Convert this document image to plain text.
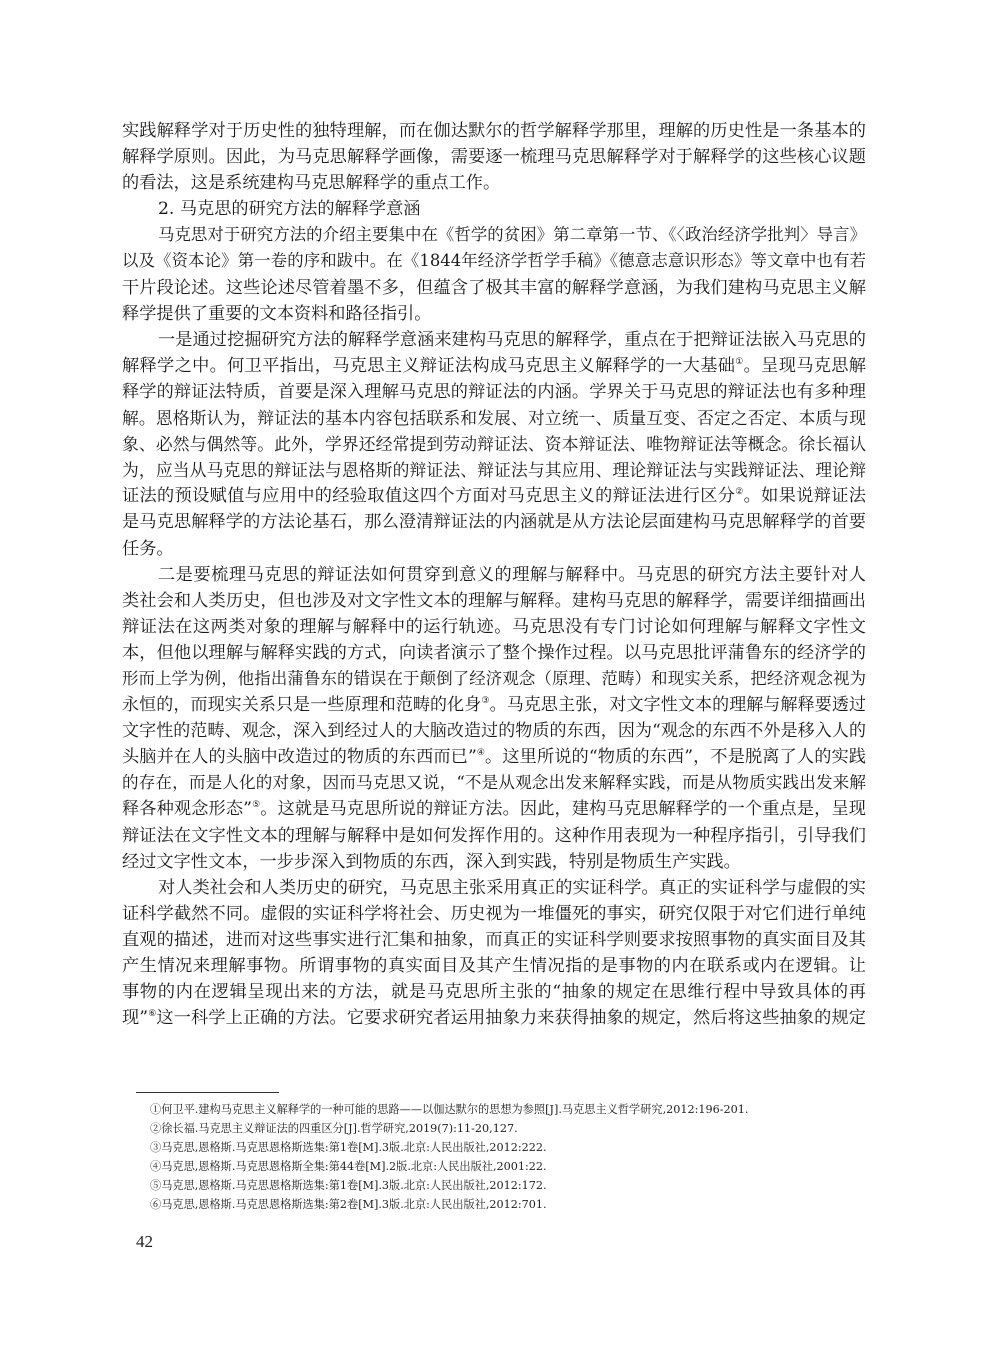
实践解释学对于历史性的独特理解，而在伽达默尔的哲学解释学那里，理解的历史性是一条基本的
解释学原则。因此，为马克思解释学画像，需要逐一梳理马克思解释学对于解释学的这些核心议题
的看法，这是系统建构马克思解释学的重点工作。
2. 马克思的研究方法的解释学意涵
马克思对于研究方法的介绍主要集中在《哲学的贫困》第二章第一节、《〈政治经济学批判〉导言》
以及《资本论》第一卷的序和跋中。在《1844年经济学哲学手稿》《德意志意识形态》等文章中也有若
干片段论述。这些论述尽管着墨不多，但蕴含了极其丰富的解释学意涵，为我们建构马克思主义解
释学提供了重要的文本资料和路径指引。
一是通过挖掘研究方法的解释学意涵来建构马克思的解释学，重点在于把辩证法嵌入马克思的
解释学之中。何卫平指出，马克思主义辩证法构成马克思主义解释学的一大基础①。呈现马克思解
释学的辩证法特质，首要是深入理解马克思的辩证法的内涵。学界关于马克思的辩证法也有多种理
解。恩格斯认为，辩证法的基本内容包括联系和发展、对立统一、质量互变、否定之否定、本质与现
象、必然与偶然等。此外，学界还经常提到劳动辩证法、资本辩证法、唯物辩证法等概念。徐长福认
为，应当从马克思的辩证法与恩格斯的辩证法、辩证法与其应用、理论辩证法与实践辩证法、理论辩
证法的预设赋值与应用中的经验取值这四个方面对马克思主义的辩证法进行区分②。如果说辩证法
是马克思解释学的方法论基石，那么澄清辩证法的内涵就是从方法论层面建构马克思解释学的首要
任务。
二是要梳理马克思的辩证法如何贯穿到意义的理解与解释中。马克思的研究方法主要针对人
类社会和人类历史，但也涉及对文字性文本的理解与解释。建构马克思的解释学，需要详细描画出
辩证法在这两类对象的理解与解释中的运行轨迹。马克思没有专门讨论如何理解与解释文字性文
本，但他以理解与解释实践的方式，向读者演示了整个操作过程。以马克思批评蒲鲁东的经济学的
形而上学为例，他指出蒲鲁东的错误在于颠倒了经济观念（原理、范畴）和现实关系，把经济观念视为
永恒的，而现实关系只是一些原理和范畴的化身③。马克思主张，对文字性文本的理解与解释要透过
文字性的范畴、观念，深入到经过人的大脑改造过的物质的东西，因为“观念的东西不外是移入人的
头脑并在人的头脑中改造过的物质的东西而已”④。这里所说的“物质的东西”，不是脱离了人的实践
的存在，而是人化的对象，因而马克思又说，“不是从观念出发来解释实践，而是从物质实践出发来解
释各种观念形态”⑤。这就是马克思所说的辩证方法。因此，建构马克思解释学的一个重点是，呈现
辩证法在文字性文本的理解与解释中是如何发挥作用的。这种作用表现为一种程序指引，引导我们
经过文字性文本，一步步深入到物质的东西，深入到实践，特别是物质生产实践。
对人类社会和人类历史的研究，马克思主张采用真正的实证科学。真正的实证科学与虚假的实
证科学截然不同。虚假的实证科学将社会、历史视为一堆僵死的事实，研究仅限于对它们进行单纯
直观的描述，进而对这些事实进行汇集和抽象，而真正的实证科学则要求按照事物的真实面目及其
产生情况来理解事物。所谓事物的真实面目及其产生情况指的是事物的内在联系或内在逻辑。让
事物的内在逻辑呈现出来的方法，就是马克思所主张的“抽象的规定在思维行程中导致具体的再
现”⑥这一科学上正确的方法。它要求研究者运用抽象力来获得抽象的规定，然后将这些抽象的规定
①何卫平.建构马克思主义解释学的一种可能的思路——以伽达默尔的思想为参照[J].马克思主义哲学研究,2012:196-201.
②徐长福.马克思主义辩证法的四重区分[J].哲学研究,2019(7):11-20,127.
③马克思,恩格斯.马克思恩格斯选集:第1卷[M].3版.北京:人民出版社,2012:222.
④马克思,恩格斯.马克思恩格斯全集:第44卷[M].2版.北京:人民出版社,2001:22.
⑤马克思,恩格斯.马克思恩格斯选集:第1卷[M].3版.北京:人民出版社,2012:172.
⑥马克思,恩格斯.马克思恩格斯选集:第2卷[M].3版.北京:人民出版社,2012:701.
42
